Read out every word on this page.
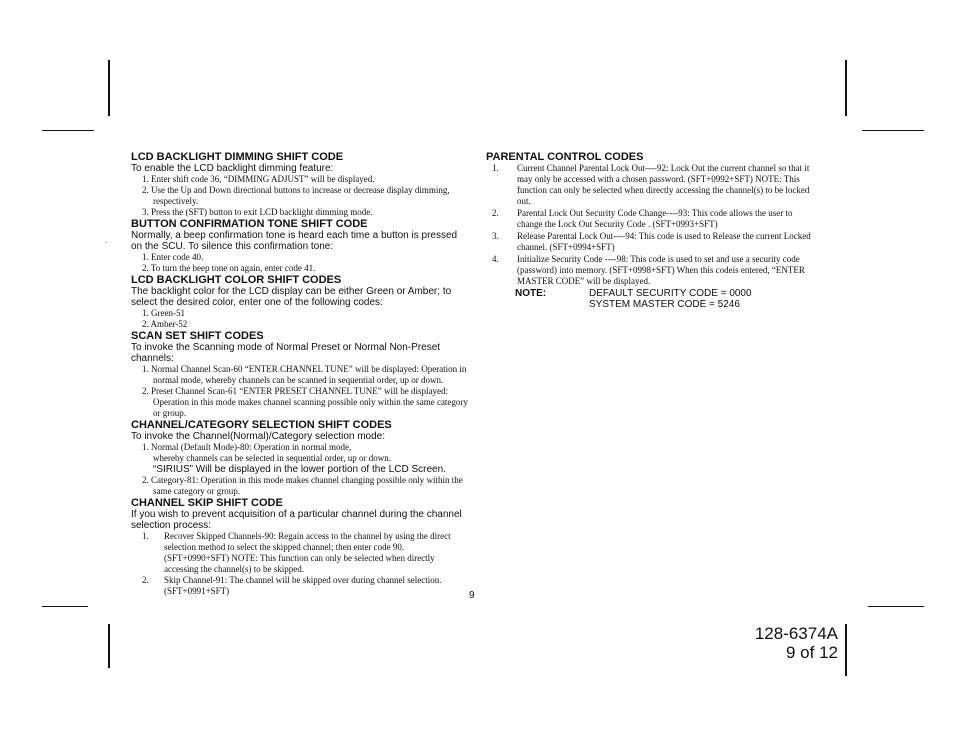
.

LCD BACKLIGHT DIMMING SHIFT CODE

To enable the LCD backlight dimming feature:

1. Enter shift code 36, “DIMMING ADJUST” will be displayed.
2. Use the Up and Down directional buttons to increase or decrease display dimming, respectively.
3. Press the (SFT) button to exit LCD backlight dimming mode.

BUTTON CONFIRMATION TONE SHIFT CODE

Normally, a beep confirmation tone is heard each time a button is pressed on the SCU. To silence this confirmation tone:

1. Enter code 40.
2. To turn the beep tone on again, enter code 41.

LCD BACKLIGHT COLOR SHIFT CODES

The backlight color for the LCD display can be either Green or Amber; to select the desired color, enter one of the following codes:

1. Green-51
2. Amber-52

SCAN SET SHIFT CODES

To invoke the Scanning mode of Normal Preset or Normal Non-Preset channels:

1. Normal Channel Scan-60 “ENTER CHANNEL TUNE” will be displayed: Operation in normal mode, whereby channels can be scanned in sequential order, up or down.
2. Preset Channel Scan-61 “ENTER PRESET CHANNEL TUNE” will be displayed: Operation in this mode makes channel scanning possible only within the same category or group.

CHANNEL/CATEGORY SELECTION SHIFT CODES

To invoke the Channel(Normal)/Category selection mode:

1. Normal (Default Mode)-80: Operation in normal mode,
whereby channels can be selected in sequential order, up or down.
“SIRIUS” Will be displayed in the lower portion of the LCD Screen.
2. Category-81: Operation in this mode makes channel changing possible only within the same category or group.

CHANNEL SKIP SHIFT CODE

If you wish to prevent acquisition of a particular channel during the channel selection process:

1.	Recover Skipped Channels-90: Regain access to the channel by using the direct selection method to select the skipped channel; then enter code 90. (SFT+0990+SFT) NOTE: This function can only be selected when directly accessing the channel(s) to be skipped.
2.	Skip Channel-91: The channel will be skipped over during channel selection. (SFT+0991+SFT)

PARENTAL CONTROL CODES

1.	Current Channel Parental Lock Out----92: Lock Out the current channel so that it may only be accessed with a chosen password. (SFT+0992+SFT) NOTE: This function can only be selected when directly accessing the channel(s) to be locked out.
2.	Parental Lock Out Security Code Change----93: This code allows the user to change the Lock Out Security Code . (SFT+0993+SFT)
3.	Release Parental Lock Out----94: This code is used to Release the current Locked channel. (SFT+0994+SFT)
4.	Initialize Security Code ----98: This code is used to set and use a security code (password) into memory. (SFT+0998+SFT) When this codeis entered, “ENTER MASTER CODE” will be displayed.
NOTE:	DEFAULT SECURITY CODE = 0000
SYSTEM MASTER CODE = 5246
9
128-6374A
9 of 12
